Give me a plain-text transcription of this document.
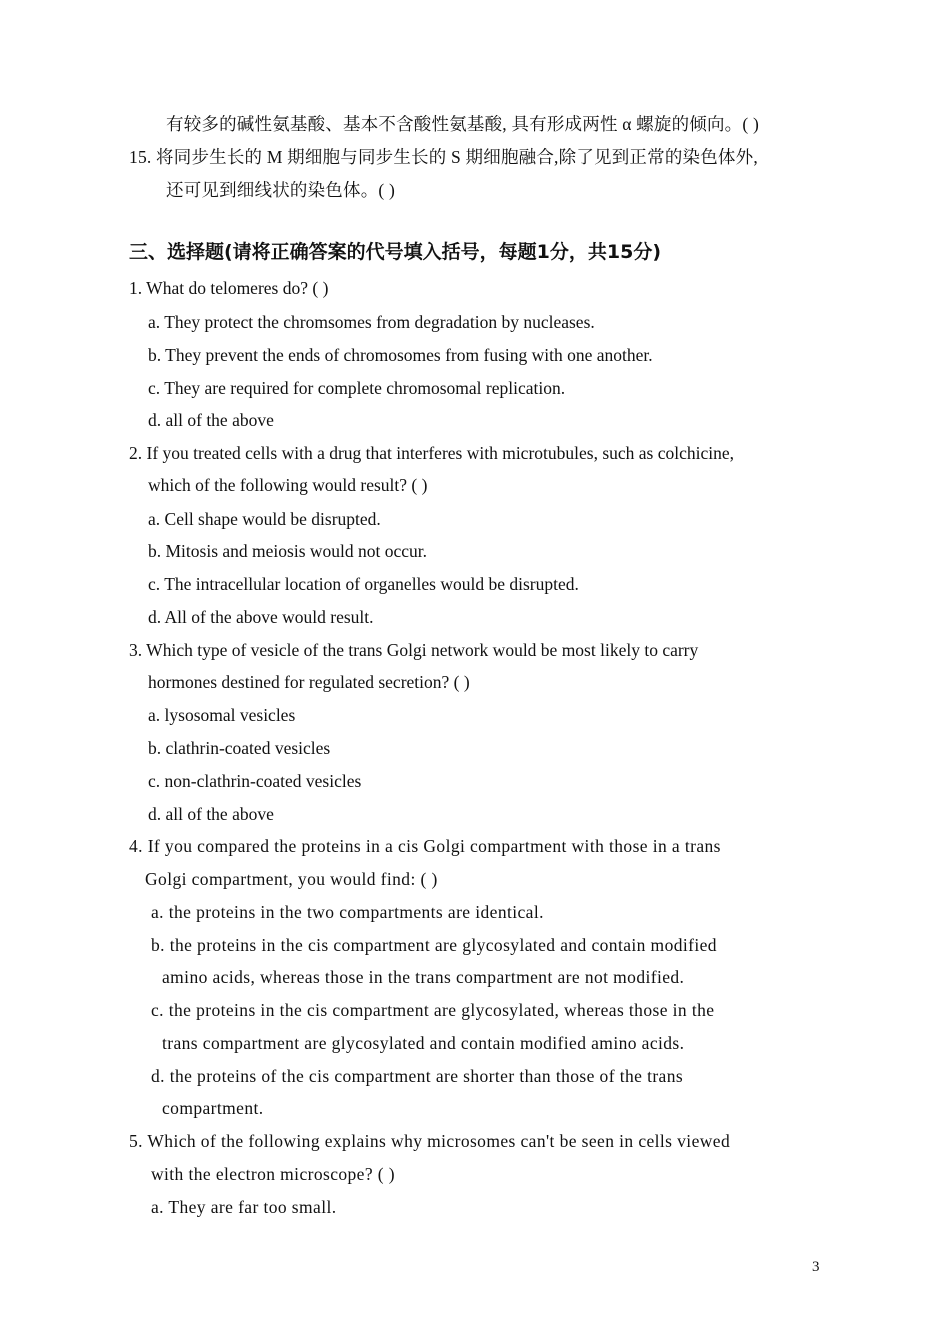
有较多的碱性氨基酸、基本不含酸性氨基酸, 具有形成两性 α 螺旋的倾向。( )
15. 将同步生长的 M 期细胞与同步生长的 S 期细胞融合,除了见到正常的染色体外,
还可见到细线状的染色体。( )
三、选择题(请将正确答案的代号填入括号，每题1分，共15分)
1. What do telomeres do? ( )
a. They protect the chromsomes from degradation by nucleases.
b. They prevent the ends of chromosomes from fusing with one another.
c. They are required for complete chromosomal replication.
d. all of the above
2. If you treated cells with a drug that interferes with microtubules, such as colchicine,
which of the following would result? ( )
a. Cell shape would be disrupted.
b. Mitosis and meiosis would not occur.
c. The intracellular location of organelles would be disrupted.
d. All of the above would result.
3. Which type of vesicle of the trans Golgi network would be most likely to carry
hormones destined for regulated secretion? ( )
a. lysosomal vesicles
b. clathrin-coated vesicles
c. non-clathrin-coated vesicles
d. all of the above
4. If you compared the proteins in a cis Golgi compartment with those in a trans
Golgi compartment, you would find: ( )
a. the proteins in the two compartments are identical.
b. the proteins in the cis compartment are glycosylated and contain modified
amino acids, whereas those in the trans compartment are not modified.
c. the proteins in the cis compartment are glycosylated, whereas those in the
trans compartment are glycosylated and contain modified amino acids.
d. the proteins of the cis compartment are shorter than those of the trans
compartment.
5. Which of the following explains why microsomes can't be seen in cells viewed
with the electron microscope? ( )
a. They are far too small.
3
